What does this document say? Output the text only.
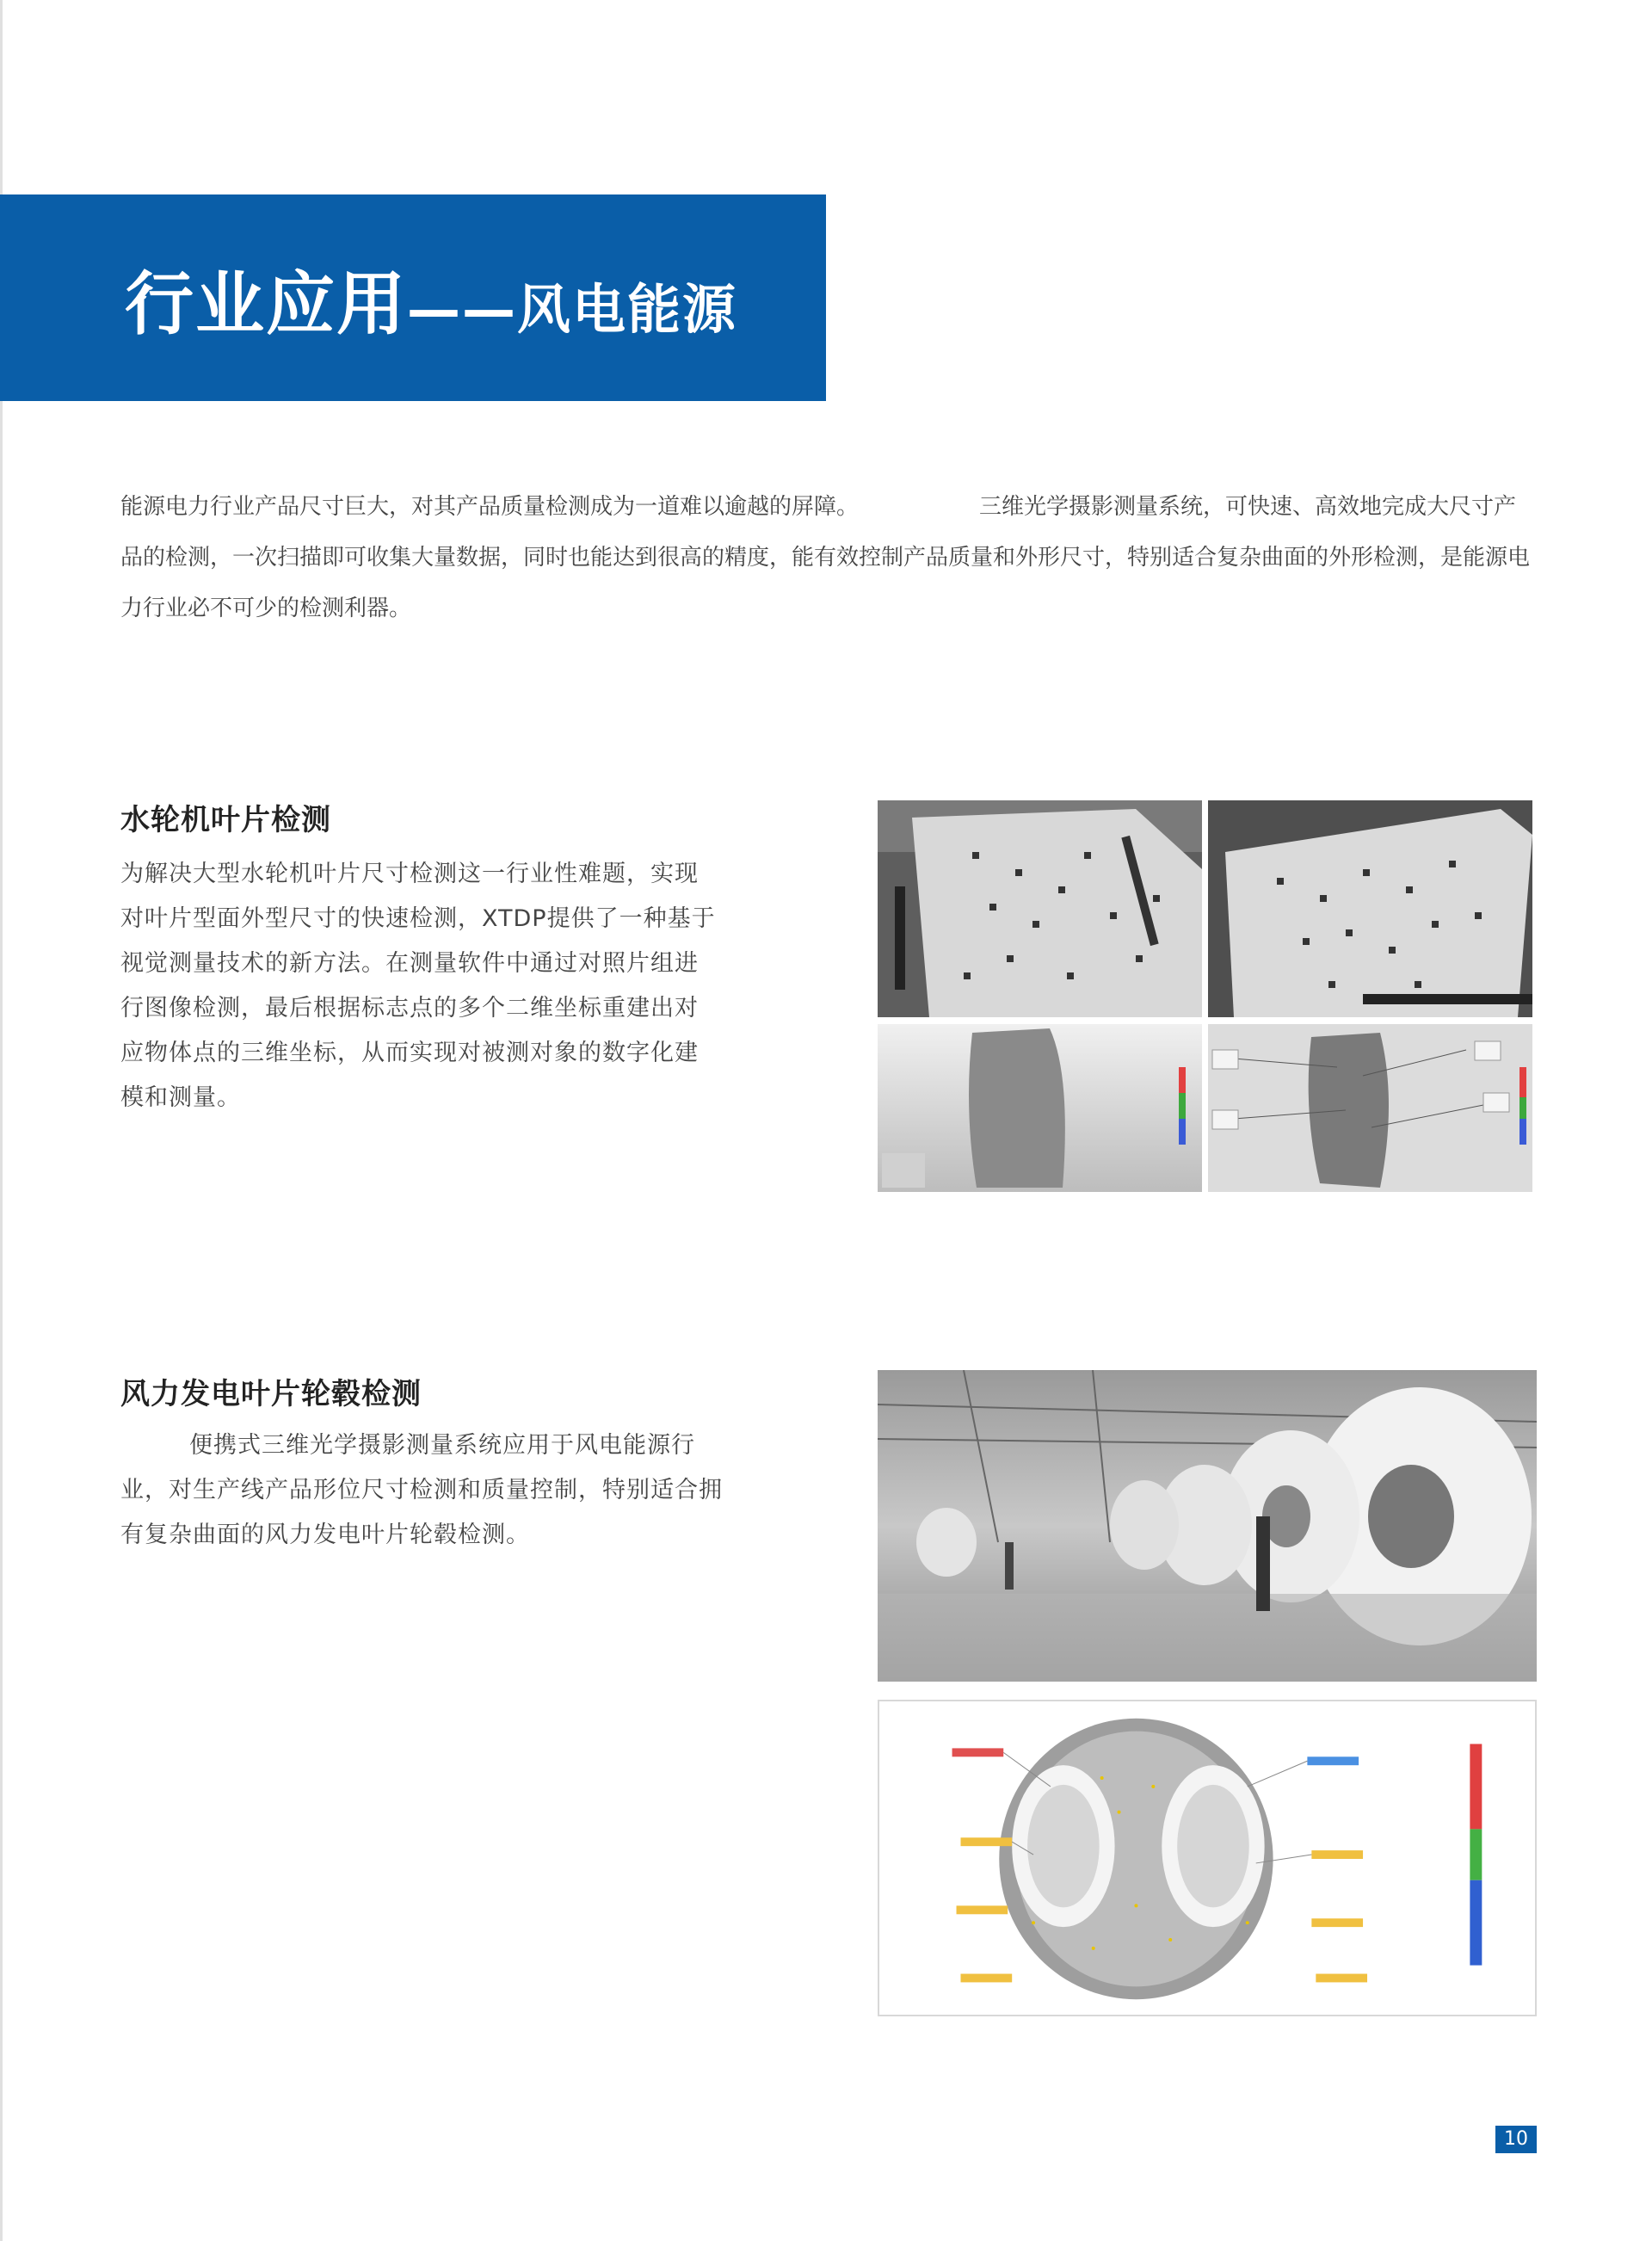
行业应用——风电能源
能源电力行业产品尺寸巨大，对其产品质量检测成为一道难以逾越的屏障。	三维光学摄影测量系统，可快速、高效地完成大尺寸产品的检测，一次扫描即可收集大量数据，同时也能达到很高的精度，能有效控制产品质量和外形尺寸，特别适合复杂曲面的外形检测，是能源电力行业必不可少的检测利器。
水轮机叶片检测
为解决大型水轮机叶片尺寸检测这一行业性难题，实现
对叶片型面外型尺寸的快速检测，XTDP提供了一种基于
视觉测量技术的新方法。在测量软件中通过对照片组进
行图像检测，最后根据标志点的多个二维坐标重建出对
应物体点的三维坐标，从而实现对被测对象的数字化建
模和测量。
风力发电叶片轮毂检测
便携式三维光学摄影测量系统应用于风电能源行
业，对生产线产品形位尺寸检测和质量控制，特别适合拥
有复杂曲面的风力发电叶片轮毂检测。
10
